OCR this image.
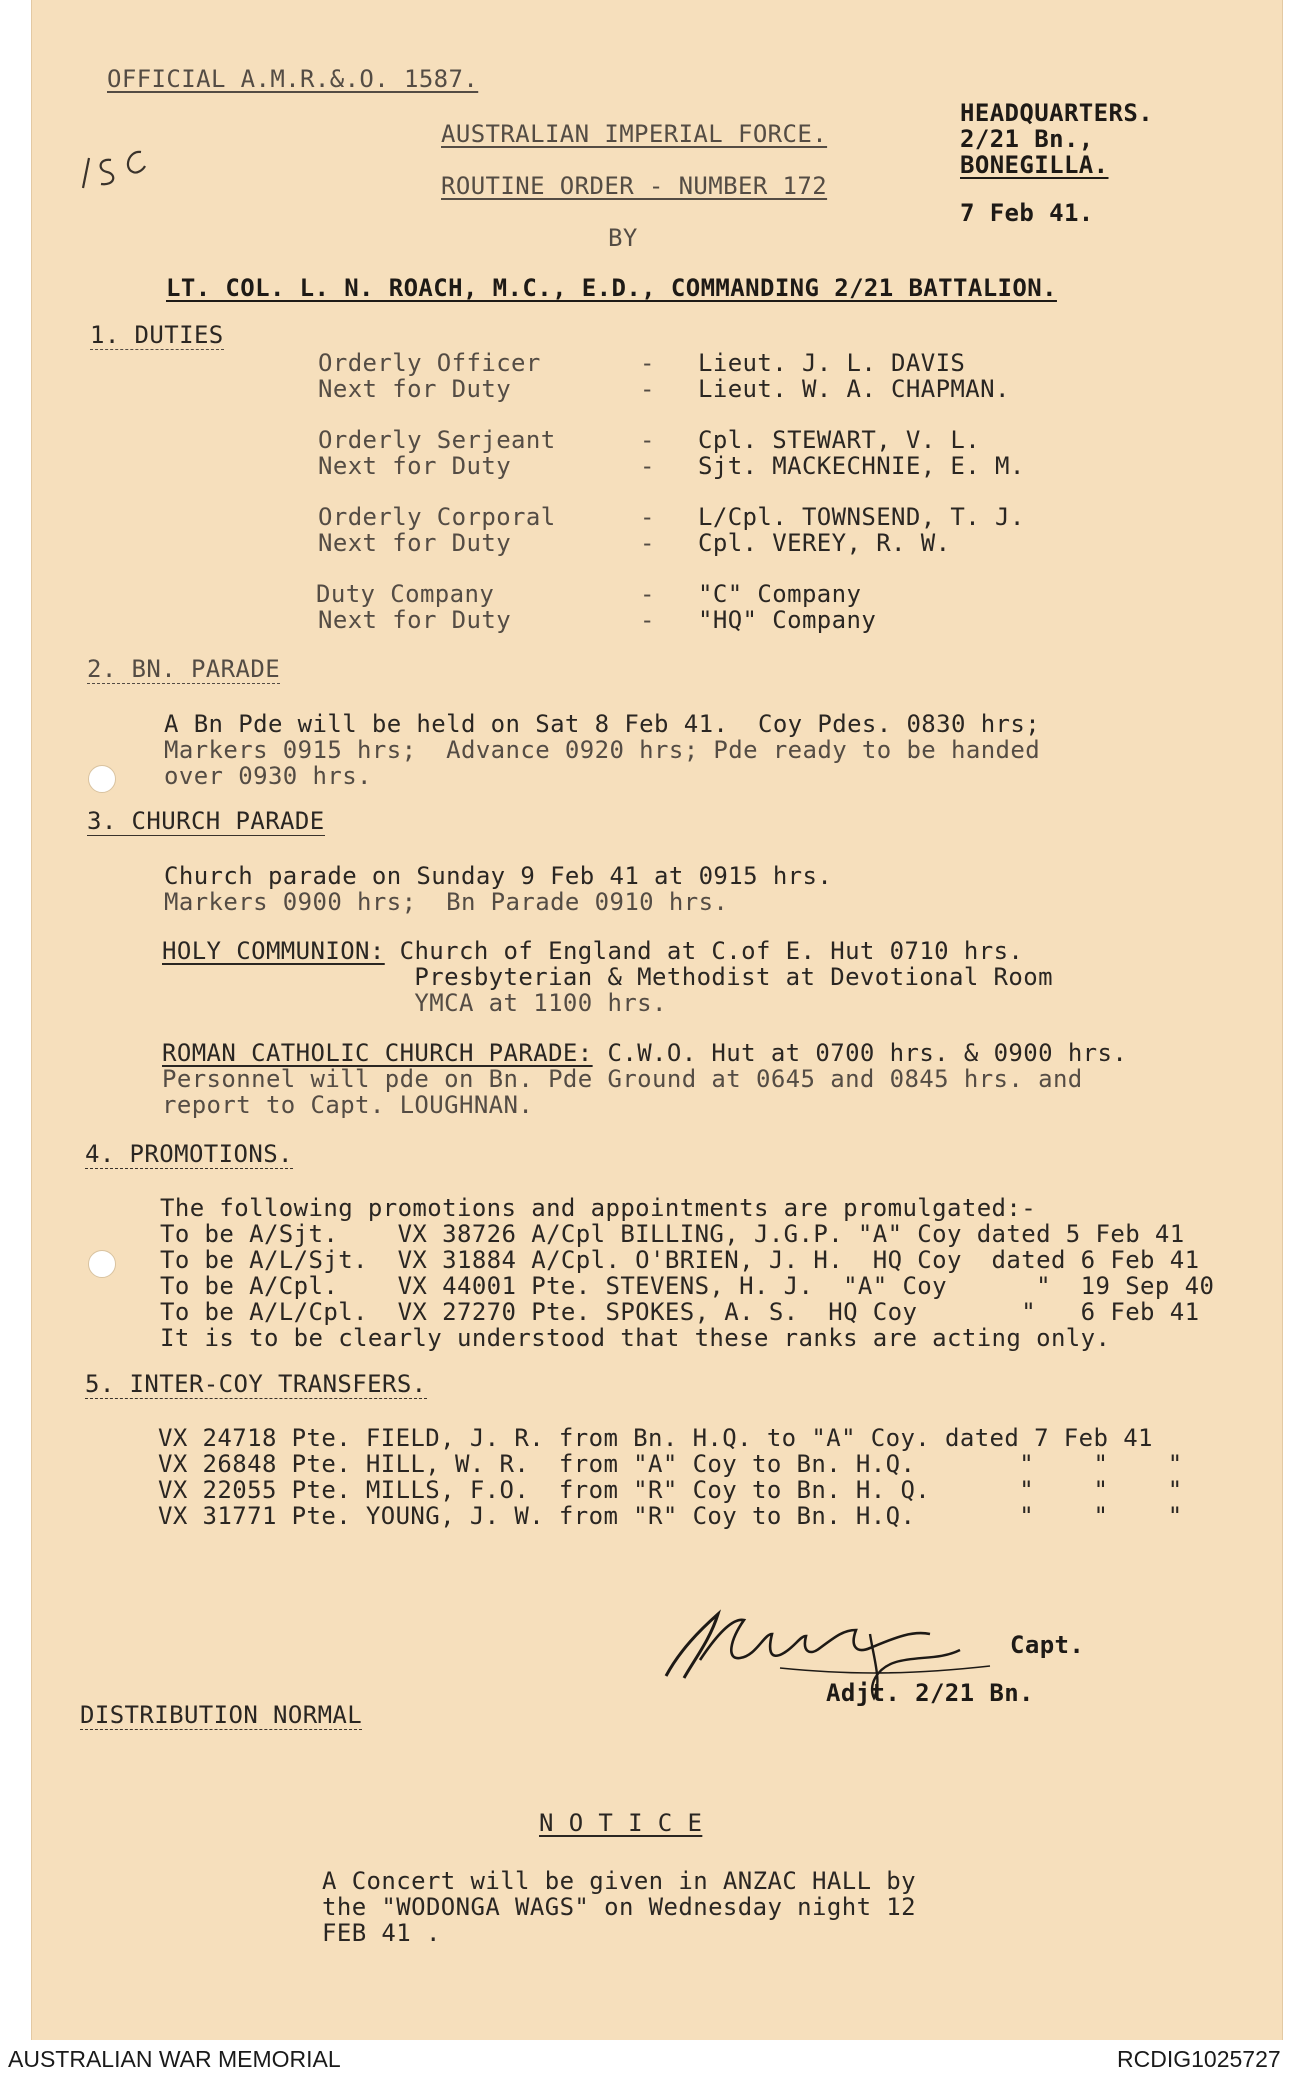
15c
OFFICIAL A.M.R.&.O. 1587.
AUSTRALIAN IMPERIAL FORCE.
ROUTINE ORDER - NUMBER 172
BY
LT. COL. L. N. ROACH, M.C., E.D., COMMANDING 2/21 BATTALION.
HEADQUARTERS.
2/21 Bn.,
BONEGILLA.
7 Feb 41.
1. DUTIES
Orderly Officer	- Lieut. J. L. DAVIS
Next for Duty	- Lieut. W. A. CHAPMAN.
Orderly Serjeant	- Cpl. STEWART, V. L.
Next for Duty	- Sjt. MACKECHNIE, E. M.
Orderly Corporal	- L/Cpl. TOWNSEND, T. J.
Next for Duty	- Cpl. VEREY, R. W.
Duty Company	- "C" Company
Next for Duty	- "HQ" Company
2. BN. PARADE
A Bn Pde will be held on Sat 8 Feb 41.  Coy Pdes. 0830 hrs;
Markers 0915 hrs;  Advance 0920 hrs; Pde ready to be handed
over 0930 hrs.
3. CHURCH PARADE
Church parade on Sunday 9 Feb 41 at 0915 hrs.
Markers 0900 hrs;  Bn Parade 0910 hrs.
HOLY COMMUNION: Church of England at C.of E. Hut 0710 hrs.
Presbyterian & Methodist at Devotional Room
YMCA at 1100 hrs.
ROMAN CATHOLIC CHURCH PARADE: C.W.O. Hut at 0700 hrs. & 0900 hrs.
Personnel will pde on Bn. Pde Ground at 0645 and 0845 hrs. and
report to Capt. LOUGHNAN.
4. PROMOTIONS.
The following promotions and appointments are promulgated:-
To be A/Sjt.    VX 38726 A/Cpl BILLING, J.G.P. "A" Coy dated 5 Feb 41
To be A/L/Sjt.  VX 31884 A/Cpl. O'BRIEN, J. H.  HQ Coy  dated 6 Feb 41
To be A/Cpl.    VX 44001 Pte. STEVENS, H. J.  "A" Coy      "  19 Sep 40
To be A/L/Cpl.  VX 27270 Pte. SPOKES, A. S.  HQ Coy       "   6 Feb 41
It is to be clearly understood that these ranks are acting only.
5. INTER-COY TRANSFERS.
VX 24718 Pte. FIELD, J. R. from Bn. H.Q. to "A" Coy. dated 7 Feb 41
VX 26848 Pte. HILL, W. R.  from "A" Coy to Bn. H.Q.       "    "    "
VX 22055 Pte. MILLS, F.O.  from "R" Coy to Bn. H. Q.      "    "    "
VX 31771 Pte. YOUNG, J. W. from "R" Coy to Bn. H.Q.       "    "    "
Capt.
Adjt. 2/21 Bn.
DISTRIBUTION NORMAL
N O T I C E
A Concert will be given in ANZAC HALL by
the "WODONGA WAGS" on Wednesday night 12
FEB 41 .
AUSTRALIAN WAR MEMORIAL	RCDIG1025727
